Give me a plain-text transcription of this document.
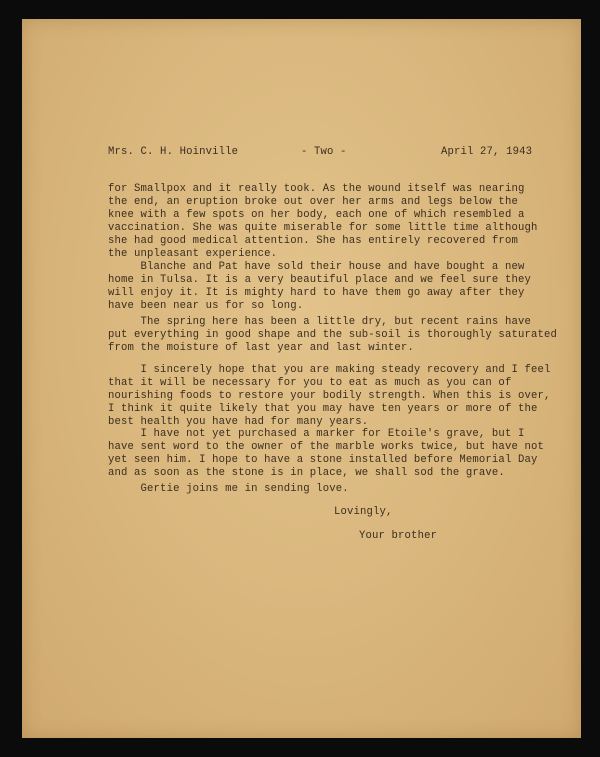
Mrs. C. H. Hoinville	- Two -	April 27, 1943
for Smallpox and it really took. As the wound itself was nearing
the end, an eruption broke out over her arms and legs below the
knee with a few spots on her body, each one of which resembled a
vaccination. She was quite miserable for some little time although
she had good medical attention. She has entirely recovered from
the unpleasant experience.
Blanche and Pat have sold their house and have bought a new
home in Tulsa. It is a very beautiful place and we feel sure they
will enjoy it. It is mighty hard to have them go away after they
have been near us for so long.
The spring here has been a little dry, but recent rains have
put everything in good shape and the sub-soil is thoroughly saturated
from the moisture of last year and last winter.
I sincerely hope that you are making steady recovery and I feel
that it will be necessary for you to eat as much as you can of
nourishing foods to restore your bodily strength. When this is over,
I think it quite likely that you may have ten years or more of the
best health you have had for many years.
I have not yet purchased a marker for Etoile's grave, but I
have sent word to the owner of the marble works twice, but have not
yet seen him. I hope to have a stone installed before Memorial Day
and as soon as the stone is in place, we shall sod the grave.
Gertie joins me in sending love.
Lovingly,
Your brother
